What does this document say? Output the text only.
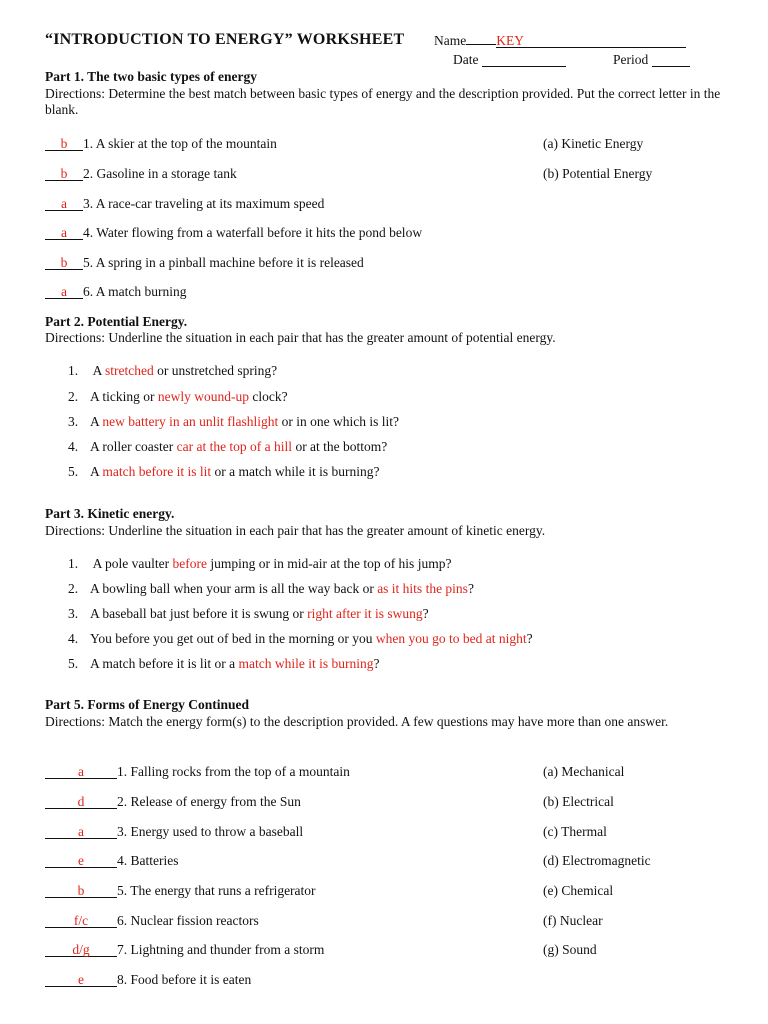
“INTRODUCTION TO ENERGY” WORKSHEET Name KEY
Date	Period
Part 1. The two basic types of energy
Directions: Determine the best match between basic types of energy and the description provided. Put the correct letter in the blank.
b 1. A skier at the top of the mountain
b 2. Gasoline in a storage tank
a 3. A race-car traveling at its maximum speed
a 4. Water flowing from a waterfall before it hits the pond below
b 5. A spring in a pinball machine before it is released
a 6. A match burning
(a) Kinetic Energy
(b) Potential Energy
Part 2. Potential Energy.
Directions: Underline the situation in each pair that has the greater amount of potential energy.
1. A stretched or unstretched spring?
2. A ticking or newly wound-up clock?
3. A new battery in an unlit flashlight or in one which is lit?
4. A roller coaster car at the top of a hill or at the bottom?
5. A match before it is lit or a match while it is burning?
Part 3. Kinetic energy.
Directions: Underline the situation in each pair that has the greater amount of kinetic energy.
1. A pole vaulter before jumping or in mid-air at the top of his jump?
2. A bowling ball when your arm is all the way back or as it hits the pins?
3. A baseball bat just before it is swung or right after it is swung?
4. You before you get out of bed in the morning or you when you go to bed at night?
5. A match before it is lit or a match while it is burning?
Part 5. Forms of Energy Continued
Directions: Match the energy form(s) to the description provided. A few questions may have more than one answer.
a 1. Falling rocks from the top of a mountain
d 2. Release of energy from the Sun
a 3. Energy used to throw a baseball
e 4. Batteries
b 5. The energy that runs a refrigerator
f/c 6. Nuclear fission reactors
d/g 7. Lightning and thunder from a storm
e 8. Food before it is eaten
(a) Mechanical
(b) Electrical
(c) Thermal
(d) Electromagnetic
(e) Chemical
(f) Nuclear
(g) Sound
